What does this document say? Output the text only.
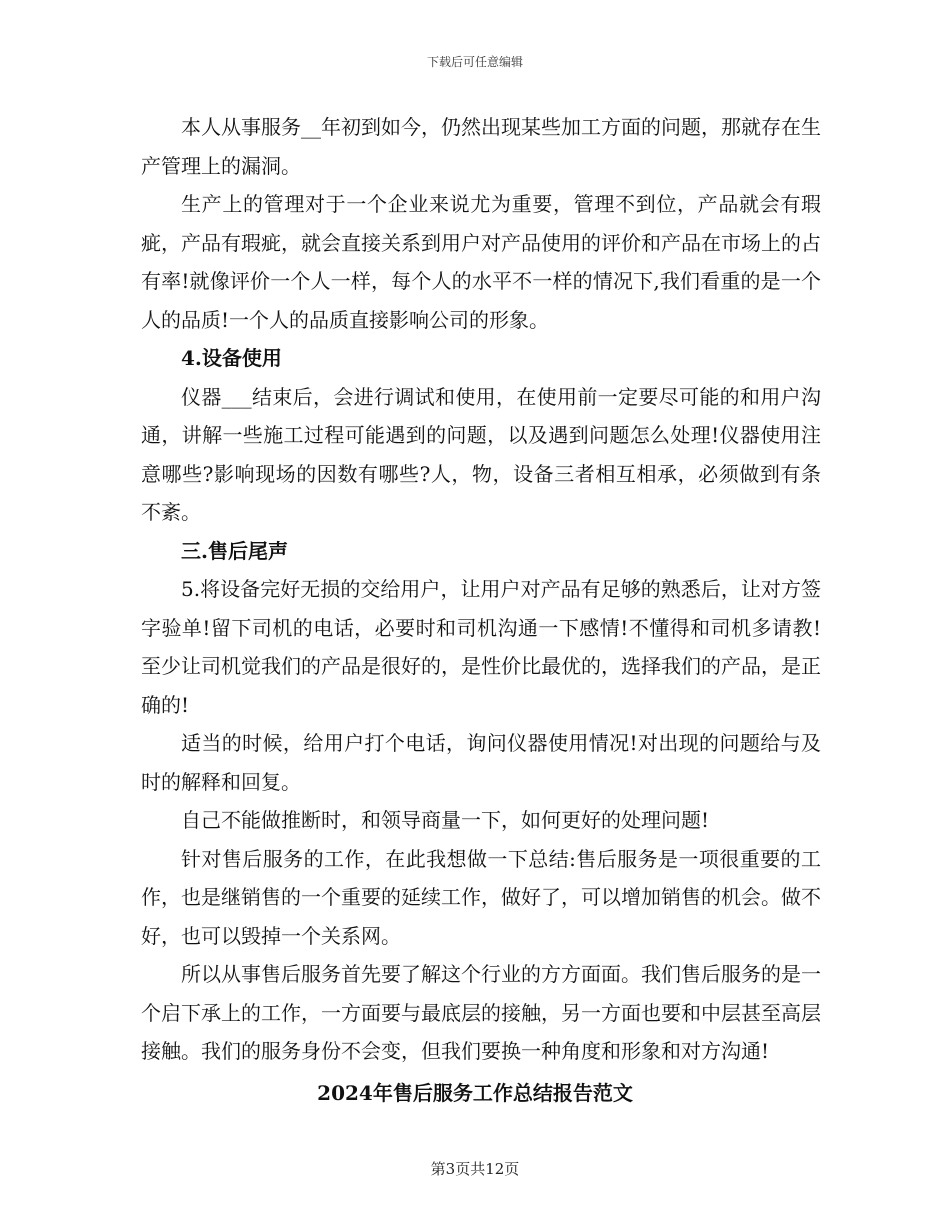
下载后可任意编辑

本人从事服务__年初到如今，仍然出现某些加工方面的问题，那就存在生产管理上的漏洞。

生产上的管理对于一个企业来说尤为重要，管理不到位，产品就会有瑕疵，产品有瑕疵，就会直接关系到用户对产品使用的评价和产品在市场上的占有率!就像评价一个人一样，每个人的水平不一样的情况下,我们看重的是一个人的品质!一个人的品质直接影响公司的形象。

4.设备使用

仪器___结束后，会进行调试和使用，在使用前一定要尽可能的和用户沟通，讲解一些施工过程可能遇到的问题，以及遇到问题怎么处理!仪器使用注意哪些?影响现场的因数有哪些?人，物，设备三者相互相承，必须做到有条不紊。

三.售后尾声

5.将设备完好无损的交给用户，让用户对产品有足够的熟悉后，让对方签字验单!留下司机的电话，必要时和司机沟通一下感情!不懂得和司机多请教!至少让司机觉我们的产品是很好的，是性价比最优的，选择我们的产品，是正确的!

适当的时候，给用户打个电话，询问仪器使用情况!对出现的问题给与及时的解释和回复。

自己不能做推断时，和领导商量一下，如何更好的处理问题!

针对售后服务的工作，在此我想做一下总结:售后服务是一项很重要的工作，也是继销售的一个重要的延续工作，做好了，可以增加销售的机会。做不好，也可以毁掉一个关系网。

所以从事售后服务首先要了解这个行业的方方面面。我们售后服务的是一个启下承上的工作，一方面要与最底层的接触，另一方面也要和中层甚至高层接触。我们的服务身份不会变，但我们要换一种角度和形象和对方沟通!

2024年售后服务工作总结报告范文
第3页共12页
